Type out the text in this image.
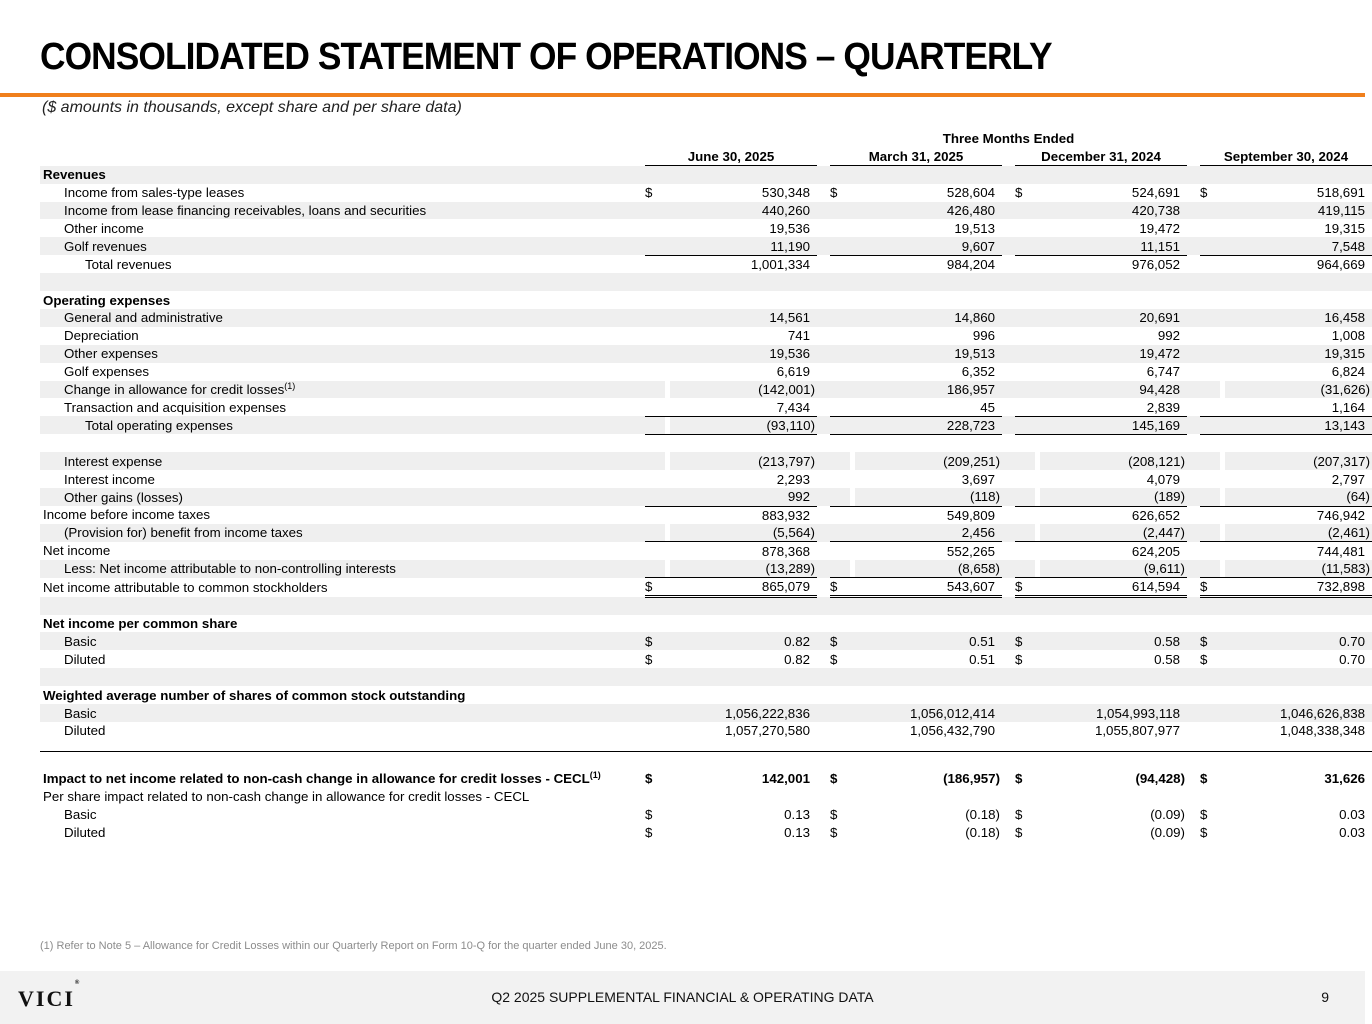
CONSOLIDATED STATEMENT OF OPERATIONS – QUARTERLY
($ amounts in thousands, except share and per share data)
	Three Months Ended
	June 30, 2025		March 31, 2025		December 31, 2024		September 30, 2024
Revenues															
Income from sales-type leases	$	530,348			$	528,604			$	524,691			$	518,691	
Income from lease financing receivables, loans and securities		440,260				426,480				420,738				419,115	
Other income		19,536				19,513				19,472				19,315	
Golf revenues		11,190				9,607				11,151				7,548	
Total revenues		1,001,334				984,204				976,052				964,669	

Operating expenses															
General and administrative		14,561				14,860				20,691				16,458	
Depreciation		741				996				992				1,008	
Other expenses		19,536				19,513				19,472				19,315	
Golf expenses		6,619				6,352				6,747				6,824	
Change in allowance for credit losses$^{(1)}$		(142,001)				186,957				94,428				(31,626)	
Transaction and acquisition expenses		7,434				45				2,839				1,164	
Total operating expenses		(93,110)				228,723				145,169				13,143	

Interest expense		(213,797)				(209,251)				(208,121)				(207,317)	
Interest income		2,293				3,697				4,079				2,797	
Other gains (losses)		992				(118)				(189)				(64)	
Income before income taxes		883,932				549,809				626,652				746,942	
(Provision for) benefit from income taxes		(5,564)				2,456				(2,447)				(2,461)	
Net income		878,368				552,265				624,205				744,481	
Less: Net income attributable to non-controlling interests		(13,289)				(8,658)				(9,611)				(11,583)	
Net income attributable to common stockholders	$	865,079			$	543,607			$	614,594			$	732,898	

Net income per common share															
Basic	$	0.82			$	0.51			$	0.58			$	0.70	
Diluted	$	0.82			$	0.51			$	0.58			$	0.70	

Weighted average number of shares of common stock outstanding															
Basic		1,056,222,836				1,056,012,414				1,054,993,118				1,046,626,838	
Diluted		1,057,270,580				1,056,432,790				1,055,807,977				1,048,338,348	

Impact to net income related to non-cash change in allowance for credit losses - CECL$^{(1)}$	$	142,001			$	(186,957)			$	(94,428)			$	31,626	
Per share impact related to non-cash change in allowance for credit losses - CECL															
Basic	$	0.13			$	(0.18)			$	(0.09)			$	0.03	
Diluted	$	0.13			$	(0.18)			$	(0.09)			$	0.03	
(1) Refer to Note 5 – Allowance for Credit Losses within our Quarterly Report on Form 10-Q for the quarter ended June 30, 2025.
VICI®
Q2 2025 SUPPLEMENTAL FINANCIAL & OPERATING DATA	9
